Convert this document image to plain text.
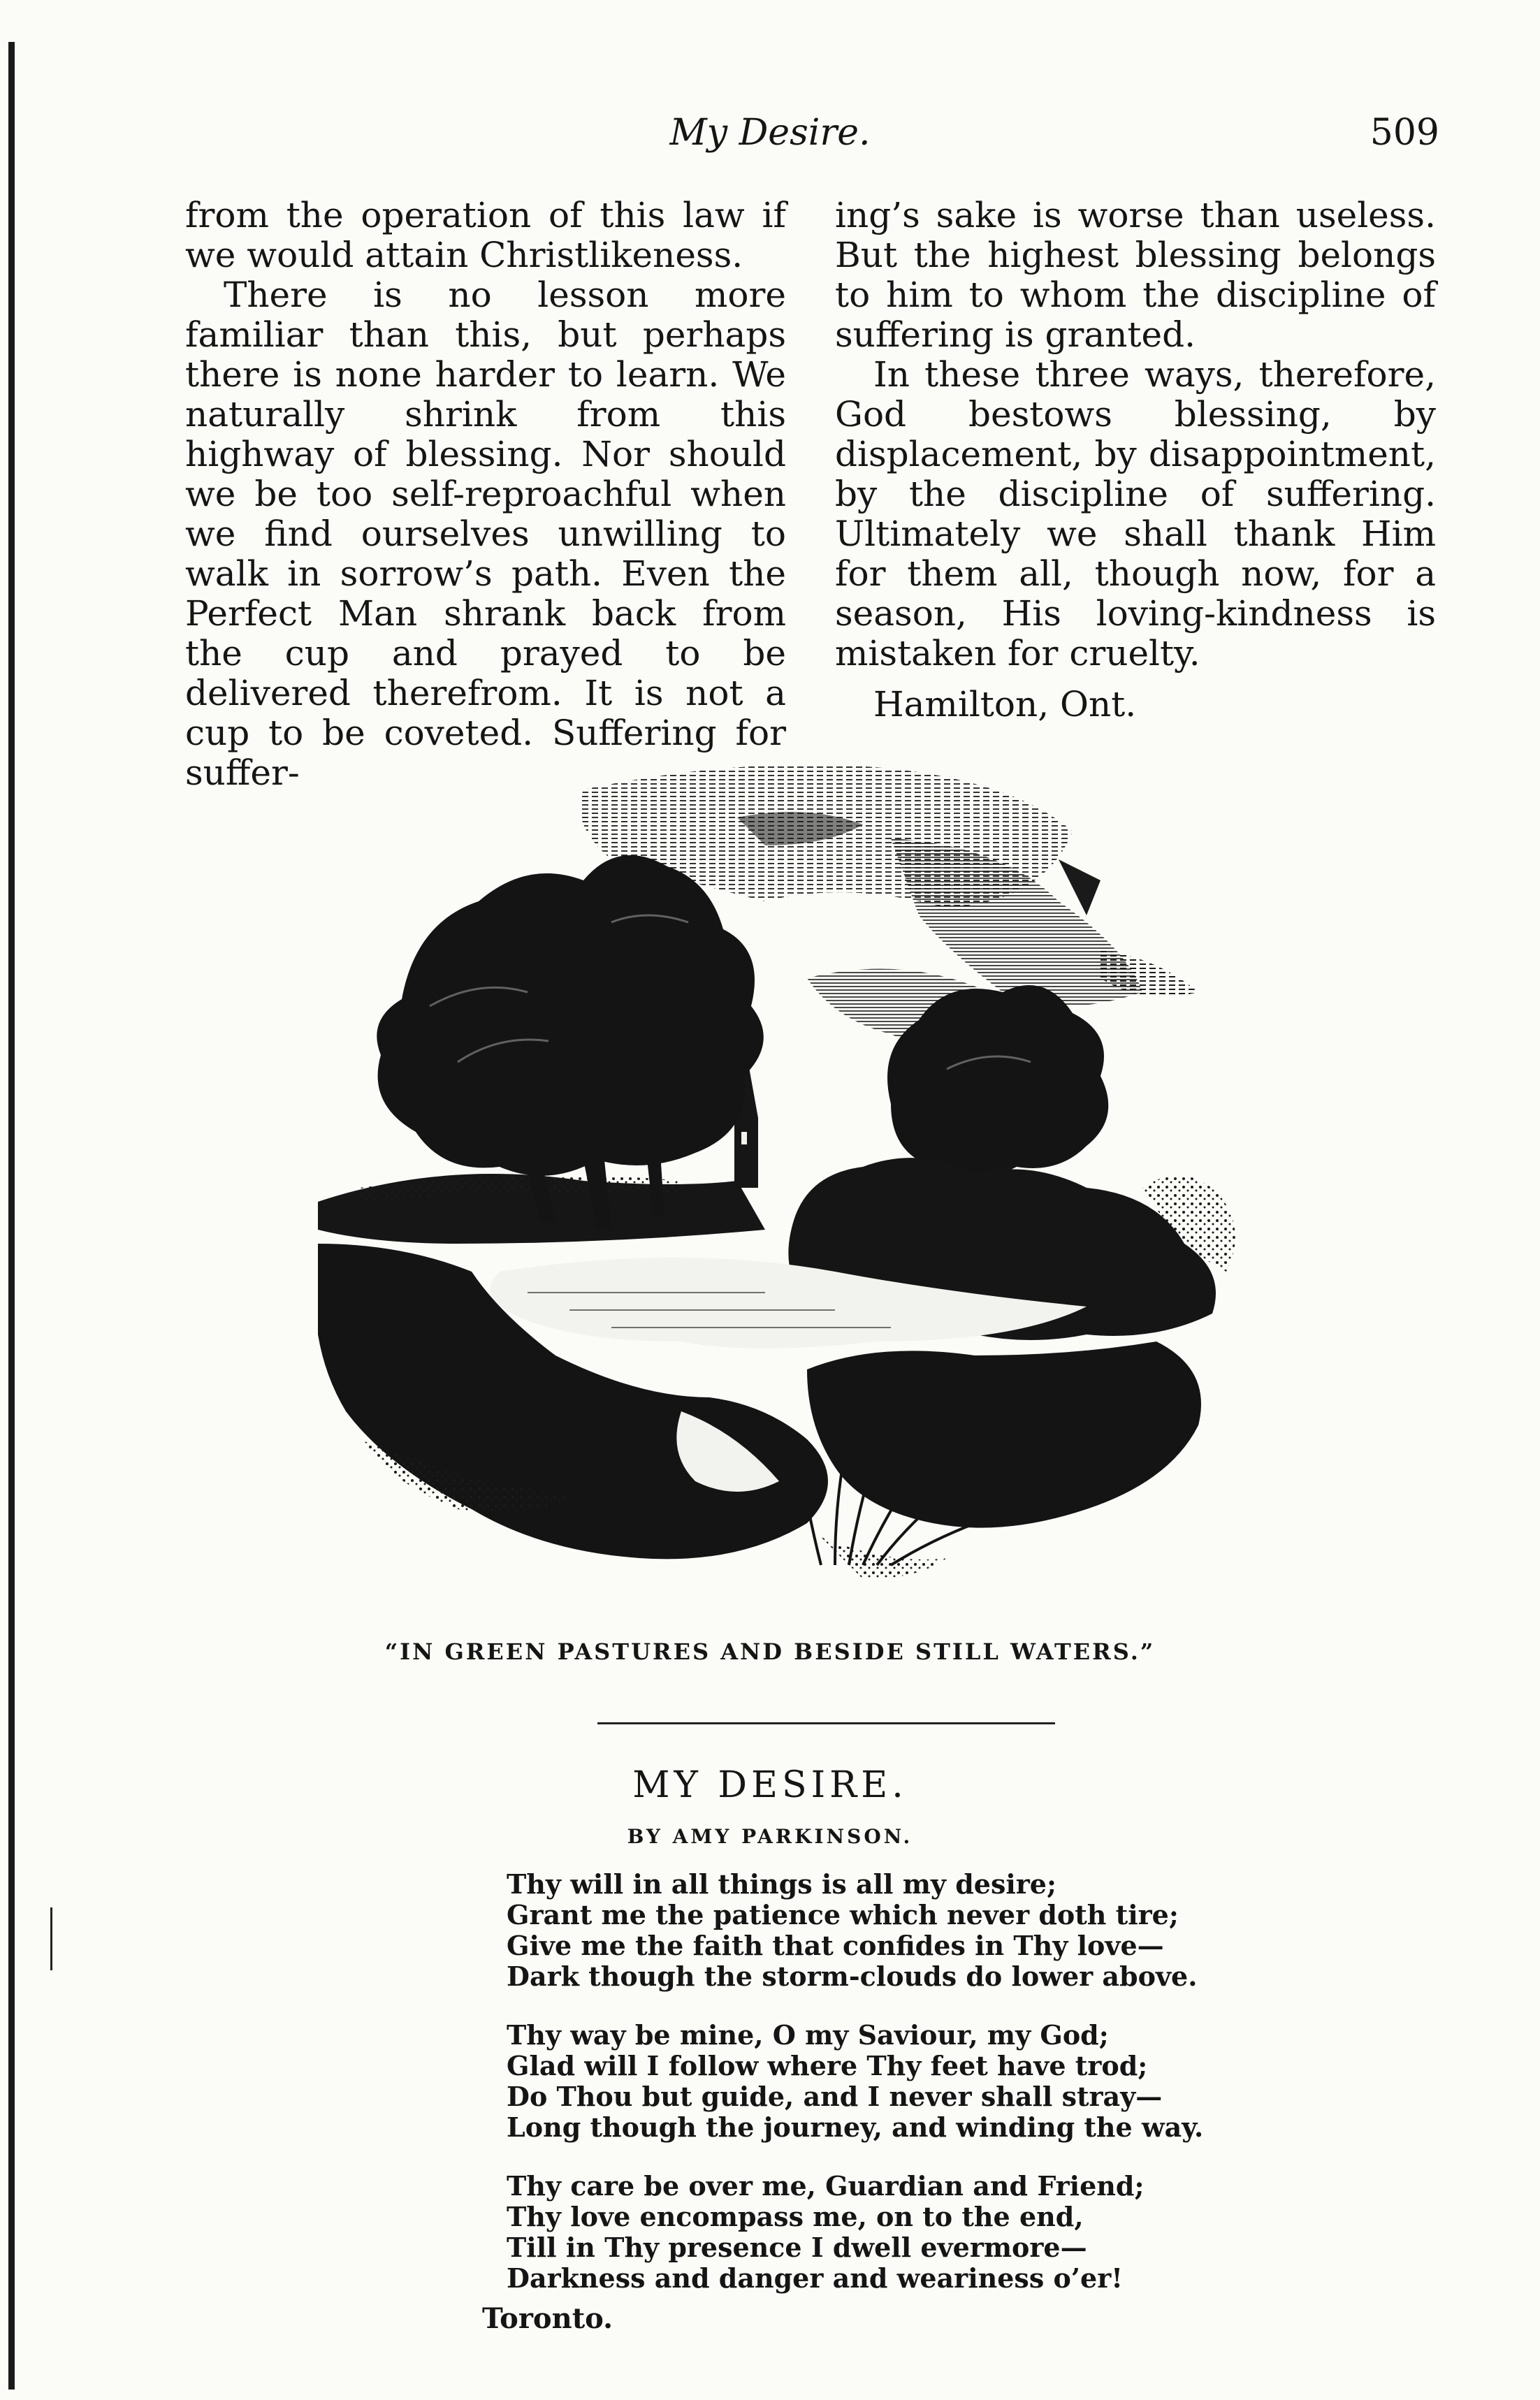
My Desire.	509

from the operation of this law if we would attain Christlikeness.

There is no lesson more familiar than this, but perhaps there is none harder to learn. We naturally shrink from this highway of blessing. Nor should we be too self-reproachful when we find ourselves unwilling to walk in sorrow’s path. Even the Perfect Man shrank back from the cup and prayed to be delivered therefrom. It is not a cup to be coveted. Suffering for suffer-

ing’s sake is worse than useless. But the highest blessing belongs to him to whom the discipline of suffering is granted.

In these three ways, therefore, God bestows blessing, by displacement, by disappointment, by the discipline of suffering. Ultimately we shall thank Him for them all, though now, for a season, His loving-kindness is mistaken for cruelty.

Hamilton, Ont.

“IN GREEN PASTURES AND BESIDE STILL WATERS.”
MY DESIRE.
BY AMY PARKINSON.
Thy will in all things is all my desire;
Grant me the patience which never doth tire;
Give me the faith that confides in Thy love—
Dark though the storm-clouds do lower above.
Thy way be mine, O my Saviour, my God;
Glad will I follow where Thy feet have trod;
Do Thou but guide, and I never shall stray—
Long though the journey, and winding the way.
Thy care be over me, Guardian and Friend;
Thy love encompass me, on to the end,
Till in Thy presence I dwell evermore—
Darkness and danger and weariness o’er!
Toronto.
